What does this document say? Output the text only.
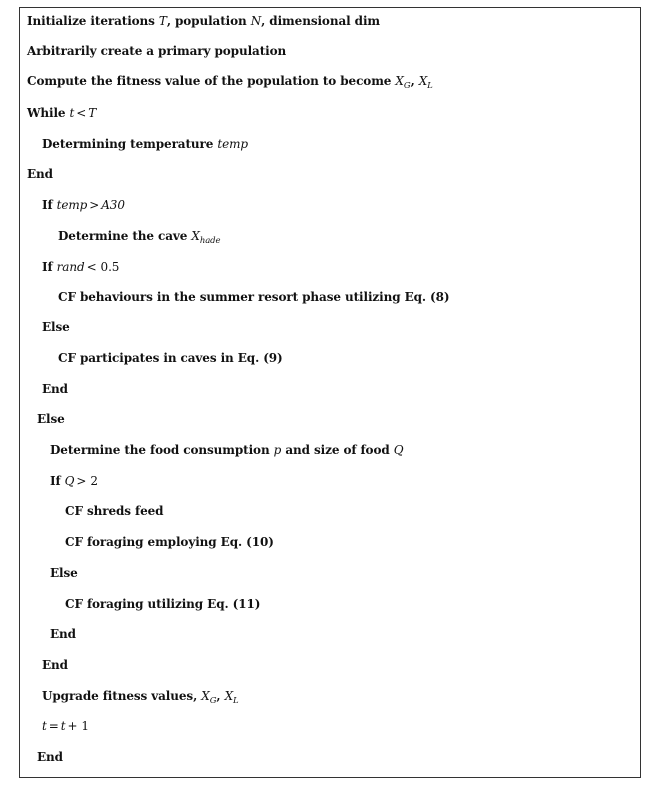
Initialize iterations T, population N, dimensional dim
Arbitrarily create a primary population
Compute the fitness value of the population to become $X_G$, $X_L$
While t < T
Determining temperature temp
End
If temp > A30
Determine the cave $X_{hade}$
If rand < 0.5
CF behaviours in the summer resort phase utilizing Eq. (8)
Else
CF participates in caves in Eq. (9)
End
Else
Determine the food consumption p and size of food Q
If Q > 2
CF shreds feed
CF foraging employing Eq. (10)
Else
CF foraging utilizing Eq. (11)
End
End
Upgrade fitness values, $X_G$, $X_L$
t = t + 1
End
